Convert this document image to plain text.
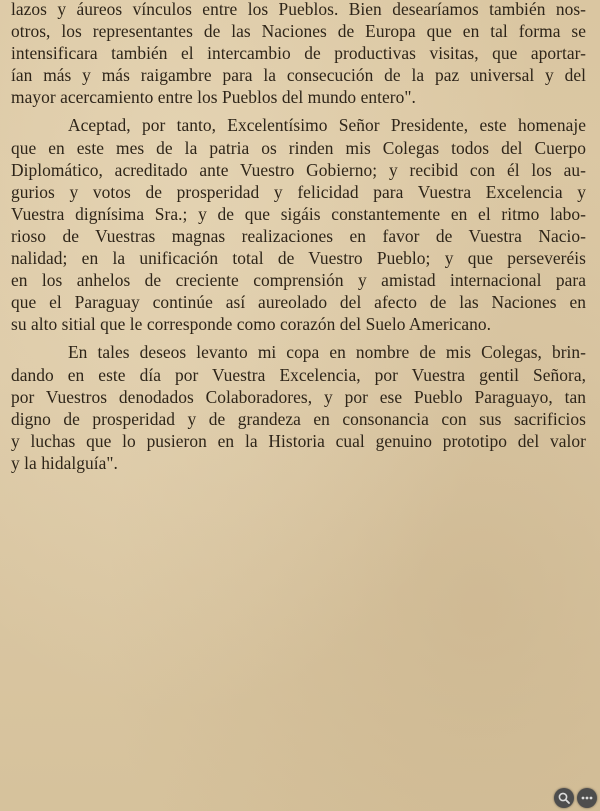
lazos y áureos vínculos entre los Pueblos. Bien desearíamos también nos-
otros, los representantes de las Naciones de Europa que en tal forma se
intensificara también el intercambio de productivas visitas, que aportar-
ían más y más raigambre para la consecución de la paz universal y del
mayor acercamiento entre los Pueblos del mundo entero".
Aceptad, por tanto, Excelentísimo Señor Presidente, este homenaje
que en este mes de la patria os rinden mis Colegas todos del Cuerpo
Diplomático, acreditado ante Vuestro Gobierno; y recibid con él los au-
gurios y votos de prosperidad y felicidad para Vuestra Excelencia y
Vuestra dignísima Sra.; y de que sigáis constantemente en el ritmo labo-
rioso de Vuestras magnas realizaciones en favor de Vuestra Nacio-
nalidad; en la unificación total de Vuestro Pueblo; y que perseveréis
en los anhelos de creciente comprensión y amistad internacional para
que el Paraguay continúe así aureolado del afecto de las Naciones en
su alto sitial que le corresponde como corazón del Suelo Americano.
En tales deseos levanto mi copa en nombre de mis Colegas, brin-
dando en este día por Vuestra Excelencia, por Vuestra gentil Señora,
por Vuestros denodados Colaboradores, y por ese Pueblo Paraguayo, tan
digno de prosperidad y de grandeza en consonancia con sus sacrificios
y luchas que lo pusieron en la Historia cual genuino prototipo del valor
y la hidalguía".
